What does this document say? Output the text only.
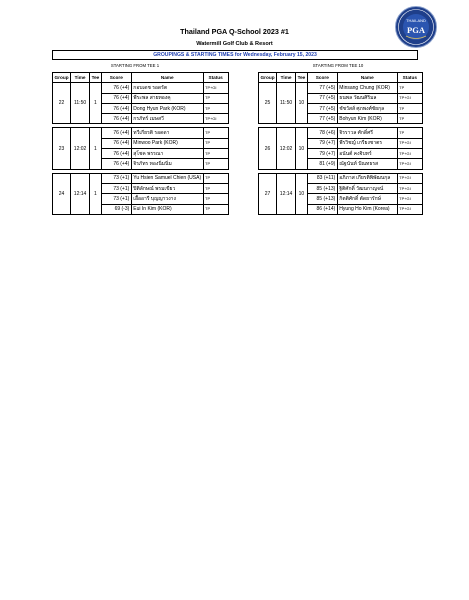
Thailand PGA Q-School 2023 #1
Watermill Golf Club & Resort
THAILAND
PGA
GROUPINGS & STARTING TIMES for Wednesday, February 15, 2023
STARTING FROM TEE 1	STARTING FROM TEE 10
Group	Time	Tee	Score	Name	Status
22	11:50	1	76 (+4)	กอบเดช รอดรัต	TP+GI
			76 (+4)	พีระพล สายทองคุ	TP
			76 (+4)	Dong Hyun Park (KOR)	TP
			76 (+4)	กรภัทร์ เมษสวี	TP+GI

23	12:02	1	76 (+4)	ทวีเกียรติ รอดดา	TP
			76 (+4)	Minwoo Park (KOR)	TP
			76 (+4)	สุโชค พรรณา	TP
			76 (+4)	จิรภัทร ทองนิ่มนิ่ม	TP

24	12:14	1	73 (+1)	Yu Hsien Samuel Chien (USA)	TP
			73 (+1)	ปิติลักษณ์ พรมเขียว	TP
			73 (+1)	เอื้ออารี บุญญาวงาง	TP
			69 (-3)	Eui In Kim (KOR)	TP
Group	Time	Tee	Score	Name	Status
25	11:50	10	77 (+5)	Minsang Chung (KOR)	TP
			77 (+5)	ธนพล วัฒนศิริมล	TP+GI
			77 (+5)	ชัชวัสส์ ศุภพงศ์ชัยกุล	TP
			77 (+5)	Bohyun Kim (KOR)	TP

26	12:02	10	78 (+6)	จิรราวล ศักดิ์ศรี	TP
			79 (+7)	พีรวิชญ์ เกรียงชาตร	TP+GI
			79 (+7)	อนันต์ คงจิบทร์	TP+GI
			81 (+9)	ณัฐนันท์ ปัณทธรส	TP+GI

27	12:14	10	83 (+11)	อภิภาส เกียรติพิพัฒนกุล	TP+GI
			85 (+13)	ฐิติศักดิ์ วัฒนกาญจน์	TP+GI
			85 (+13)	กิตติศักดิ์ ตัดยารักษ์	TP+GI
			86 (+14)	Hyung Ho Kim (Korea)	TP+GI
